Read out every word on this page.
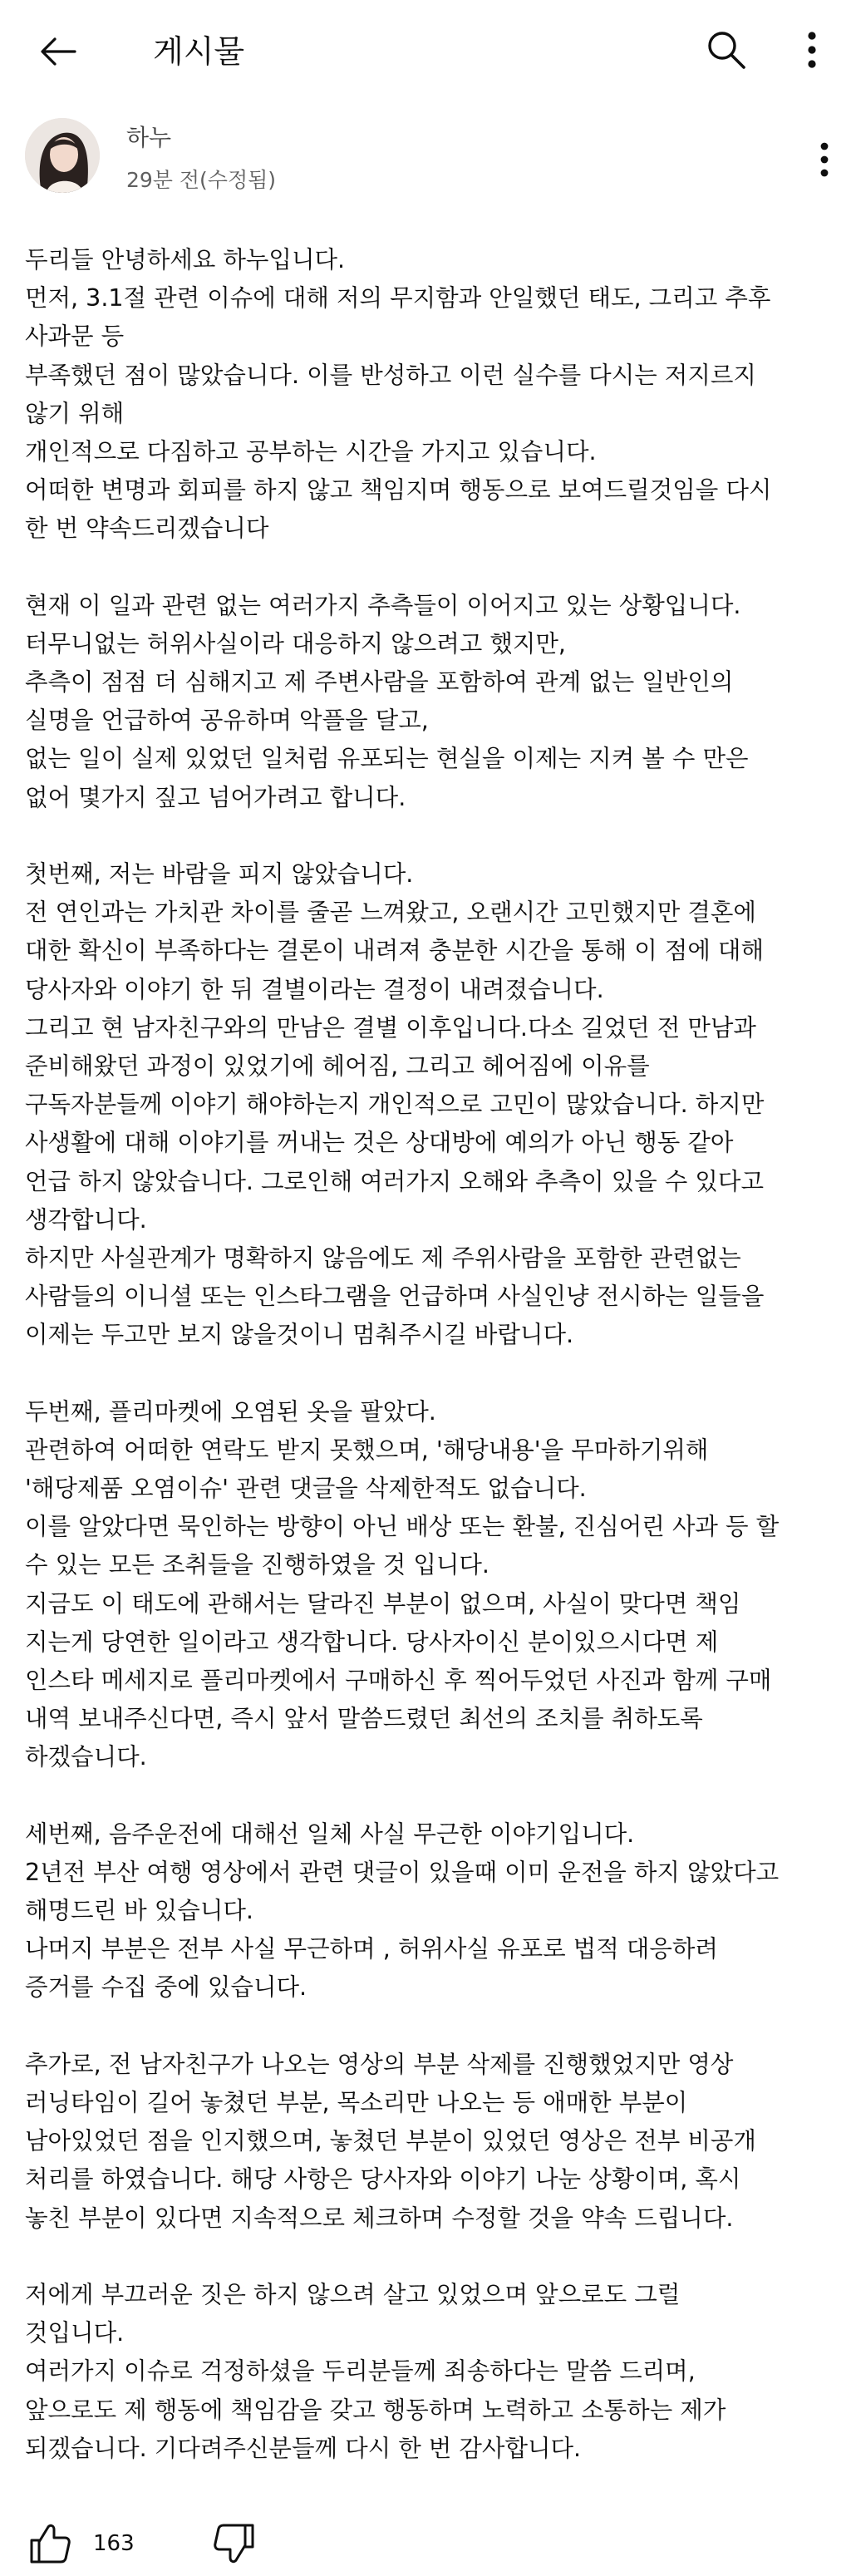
게시물
하누
29분 전(수정됨)
두리들 안녕하세요 하누입니다.
먼저, 3.1절 관련 이슈에 대해 저의 무지함과 안일했던 태도, 그리고 추후
사과문 등
부족했던 점이 많았습니다. 이를 반성하고 이런 실수를 다시는 저지르지
않기 위해
개인적으로 다짐하고 공부하는 시간을 가지고 있습니다.
어떠한 변명과 회피를 하지 않고 책임지며 행동으로 보여드릴것임을 다시
한 번 약속드리겠습니다
현재 이 일과 관련 없는 여러가지 추측들이 이어지고 있는 상황입니다.
터무니없는 허위사실이라 대응하지 않으려고 했지만,
추측이 점점 더 심해지고 제 주변사람을 포함하여 관계 없는 일반인의
실명을 언급하여 공유하며 악플을 달고,
없는 일이 실제 있었던 일처럼 유포되는 현실을 이제는 지켜 볼 수 만은
없어 몇가지 짚고 넘어가려고 합니다.
첫번째, 저는 바람을 피지 않았습니다.
전 연인과는 가치관 차이를 줄곧 느껴왔고, 오랜시간 고민했지만 결혼에
대한 확신이 부족하다는 결론이 내려져 충분한 시간을 통해 이 점에 대해
당사자와 이야기 한 뒤 결별이라는 결정이 내려졌습니다.
그리고 현 남자친구와의 만남은 결별 이후입니다.다소 길었던 전 만남과
준비해왔던 과정이 있었기에 헤어짐, 그리고 헤어짐에 이유를
구독자분들께 이야기 해야하는지 개인적으로 고민이 많았습니다. 하지만
사생활에 대해 이야기를 꺼내는 것은 상대방에 예의가 아닌 행동 같아
언급 하지 않았습니다. 그로인해 여러가지 오해와 추측이 있을 수 있다고
생각합니다.
하지만 사실관계가 명확하지 않음에도 제 주위사람을 포함한 관련없는
사람들의 이니셜 또는 인스타그램을 언급하며 사실인냥 전시하는 일들을
이제는 두고만 보지 않을것이니 멈춰주시길 바랍니다.
두번째, 플리마켓에 오염된 옷을 팔았다.
관련하여 어떠한 연락도 받지 못했으며, '해당내용'을 무마하기위해
'해당제품 오염이슈' 관련 댓글을 삭제한적도 없습니다.
이를 알았다면 묵인하는 방향이 아닌 배상 또는 환불, 진심어린 사과 등 할
수 있는 모든 조취들을 진행하였을 것 입니다.
지금도 이 태도에 관해서는 달라진 부분이 없으며, 사실이 맞다면 책임
지는게 당연한 일이라고 생각합니다. 당사자이신 분이있으시다면 제
인스타 메세지로 플리마켓에서 구매하신 후 찍어두었던 사진과 함께 구매
내역 보내주신다면, 즉시 앞서 말씀드렸던 최선의 조치를 취하도록
하겠습니다.
세번째, 음주운전에 대해선 일체 사실 무근한 이야기입니다.
2년전 부산 여행 영상에서 관련 댓글이 있을때 이미 운전을 하지 않았다고
해명드린 바 있습니다.
나머지 부분은 전부 사실 무근하며 , 허위사실 유포로 법적 대응하려
증거를 수집 중에 있습니다.
추가로, 전 남자친구가 나오는 영상의 부분 삭제를 진행했었지만 영상
러닝타임이 길어 놓쳤던 부분, 목소리만 나오는 등 애매한 부분이
남아있었던 점을 인지했으며, 놓쳤던 부분이 있었던 영상은 전부 비공개
처리를 하였습니다. 해당 사항은 당사자와 이야기 나눈 상황이며, 혹시
놓친 부분이 있다면 지속적으로 체크하며 수정할 것을 약속 드립니다.
저에게 부끄러운 짓은 하지 않으려 살고 있었으며 앞으로도 그럴
것입니다.
여러가지 이슈로 걱정하셨을 두리분들께 죄송하다는 말씀 드리며,
앞으로도 제 행동에 책임감을 갖고 행동하며 노력하고 소통하는 제가
되겠습니다. 기다려주신분들께 다시 한 번 감사합니다.
163
